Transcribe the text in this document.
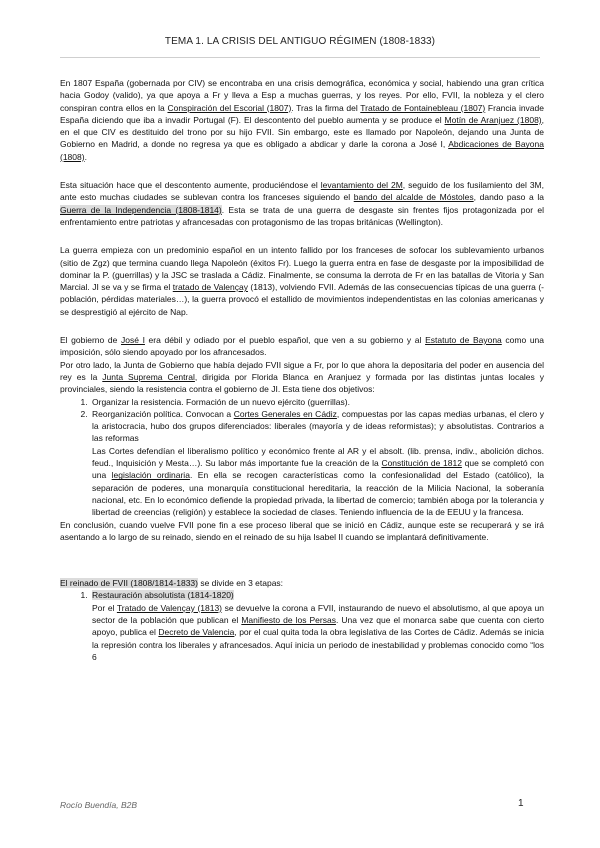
TEMA 1. LA CRISIS DEL ANTIGUO RÉGIMEN (1808-1833)

En 1807 España (gobernada por CIV) se encontraba en una crisis demográfica, económica y social, habiendo una gran crítica hacia Godoy (valido), ya que apoya a Fr y lleva a Esp a muchas guerras, y los reyes. Por ello, FVII, la nobleza y el clero conspiran contra ellos en la Conspiración del Escorial (1807). Tras la firma del Tratado de Fontainebleau (1807) Francia invade España diciendo que iba a invadir Portugal (F). El descontento del pueblo aumenta y se produce el Motín de Aranjuez (1808), en el que CIV es destituido del trono por su hijo FVII. Sin embargo, este es llamado por Napoleón, dejando una Junta de Gobierno en Madrid, a donde no regresa ya que es obligado a abdicar y darle la corona a José I, Abdicaciones de Bayona (1808).

Esta situación hace que el descontento aumente, produciéndose el levantamiento del 2M, seguido de los fusilamiento del 3M, ante esto muchas ciudades se sublevan contra los franceses siguiendo el bando del alcalde de Móstoles, dando paso a la Guerra de la Independencia (1808-1814). Esta se trata de una guerra de desgaste sin frentes fijos protagonizada por el enfrentamiento entre patriotas y afrancesadas con protagonismo de las tropas británicas (Wellington).

La guerra empieza con un predominio español en un intento fallido por los franceses de sofocar los sublevamiento urbanos (sitio de Zgz) que termina cuando llega Napoleón (éxitos Fr). Luego la guerra entra en fase de desgaste por la imposibilidad de dominar la P. (guerrillas) y la JSC se traslada a Cádiz. Finalmente, se consuma la derrota de Fr en las batallas de Vitoria y San Marcial. JI se va y se firma el tratado de Valençay (1813), volviendo FVII. Además de las consecuencias típicas de una guerra (-población, pérdidas materiales…), la guerra provocó el estallido de movimientos independentistas en las colonias americanas y se desprestigió al ejército de Nap.

El gobierno de José I era débil y odiado por el pueblo español, que ven a su gobierno y al Estatuto de Bayona como una imposición, sólo siendo apoyado por los afrancesados.

Por otro lado, la Junta de Gobierno que había dejado FVII sigue a Fr, por lo que ahora la depositaria del poder en ausencia del rey es la Junta Suprema Central, dirigida por Florida Blanca en Aranjuez y formada por las distintas juntas locales y provinciales, siendo la resistencia contra el gobierno de JI. Esta tiene dos objetivos:

1. Organizar la resistencia. Formación de un nuevo ejército (guerrillas).
2. Reorganización política. Convocan a Cortes Generales en Cádiz, compuestas por las capas medias urbanas, el clero y la aristocracia, hubo dos grupos diferenciados: liberales (mayoría y de ideas reformistas); y absolutistas. Contrarios a las reformas
Las Cortes defendían el liberalismo político y económico frente al AR y el absolt. (lib. prensa, indiv., abolición dichos. feud., Inquisición y Mesta…). Su labor más importante fue la creación de la Constitución de 1812 que se completó con una legislación ordinaria. En ella se recogen características como la confesionalidad del Estado (católico), la separación de poderes, una monarquía constitucional hereditaria, la reacción de la Milicia Nacional, la soberanía nacional, etc. En lo económico defiende la propiedad privada, la libertad de comercio; también aboga por la tolerancia y libertad de creencias (religión) y establece la sociedad de clases. Teniendo influencia de la de EEUU y la francesa.

En conclusión, cuando vuelve FVII pone fin a ese proceso liberal que se inició en Cádiz, aunque este se recuperará y se irá asentando a lo largo de su reinado, siendo en el reinado de su hija Isabel II cuando se implantará definitivamente.

El reinado de FVII (1808/1814-1833) se divide en 3 etapas:

1. Restauración absolutista (1814-1820)
Por el Tratado de Valençay (1813) se devuelve la corona a FVII, instaurando de nuevo el absolutismo, al que apoya un sector de la población que publican el Manifiesto de los Persas. Una vez que el monarca sabe que cuenta con cierto apoyo, publica el Decreto de Valencia, por el cual quita toda la obra legislativa de las Cortes de Cádiz. Además se inicia la represión contra los liberales y afrancesados. Aquí inicia un periodo de inestabilidad y problemas conocido como “los 6
Rocío Buendía, B2B	1
